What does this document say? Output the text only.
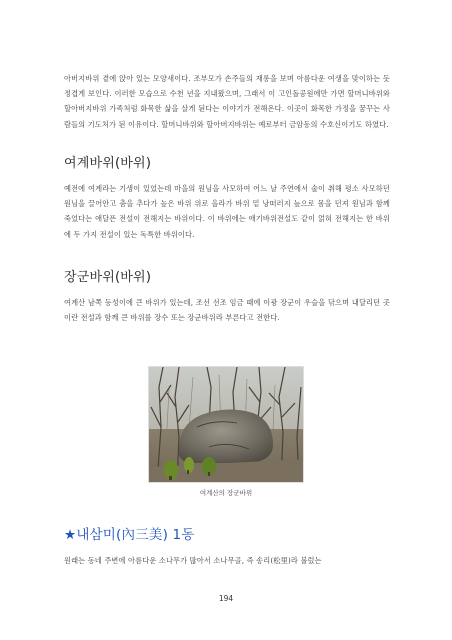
아버지바위 곁에 앉아 있는 모양새이다. 조부모가 손주들의 재롱을 보며 아름다운 여생을 맞이하는 듯 정겹게 보인다. 이러한 모습으로 수천 년을 지내왔으며, 그래서 이 고인돌공원에만 가면 할머니바위와 할아버지바위 가족처럼 화목한 삶을 살게 된다는 이야기가 전해온다. 이곳이 화목한 가정을 꿈꾸는 사람들의 기도처가 된 이유이다. 할머니바위와 할아버지바위는 예로부터 금암동의 수호신이기도 하였다.

여계바위(바위)

예전에 여계라는 기생이 있었는데 마을의 원님을 사모하여 어느 날 주연에서 술이 취해 평소 사모하던 원님을 끌어안고 춤을 추다가 높은 바위 위로 올라가 바위 밑 낭떠러지 늪으로 몸을 던져 원님과 함께 죽었다는 애달픈 전설이 전해지는 바위이다. 이 바위에는 애기바위전설도 같이 얽혀 전해지는 한 바위에 두 가지 전설이 있는 독특한 바위이다.

장군바위(바위)

여계산 남쪽 등성이에 큰 바위가 있는데, 조선 선조 임금 때에 이광 장군이 우슬을 닦으며 내달리던 곳이란 전설과 함께 큰 바위를 장수 또는 장군바위라 부른다고 전한다.

여계산의 장군바위
★내삼미(內三美) 1동

원래는 동네 주변에 아름다운 소나무가 많아서 소나무골, 즉 송리(松里)라 불렀는

194
